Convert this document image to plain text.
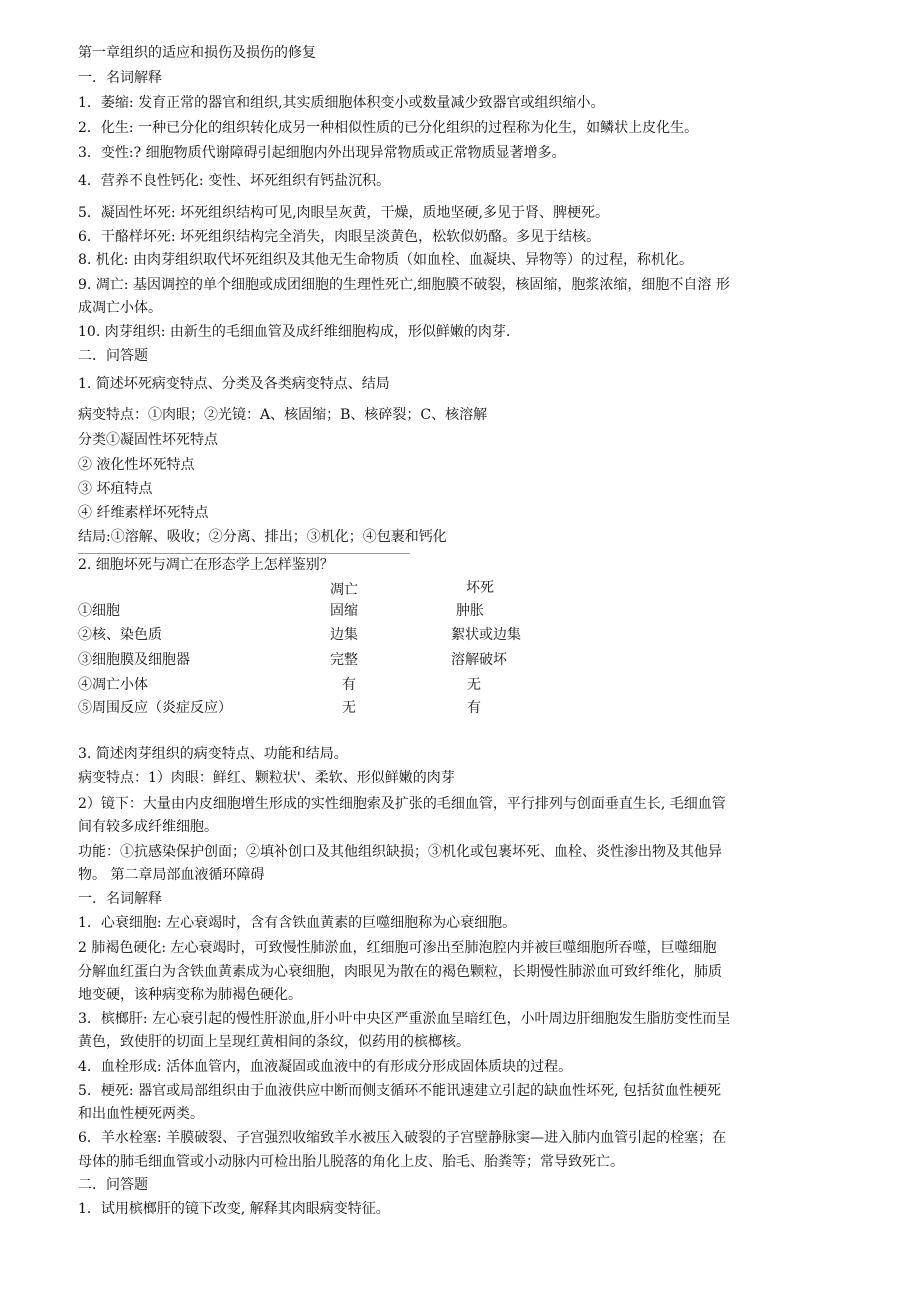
第一章组织的适应和损伤及损伤的修复
一．名词解释
1．萎缩: 发育正常的器官和组织,其实质细胞体积变小或数量减少致器官或组织缩小。
2．化生: 一种已分化的组织转化成另一种相似性质的已分化组织的过程称为化生，如鳞状上皮化生。
3．变性:? 细胞物质代谢障碍引起细胞内外出现异常物质或正常物质显著增多。
4．营养不良性钙化: 变性、坏死组织有钙盐沉积。
5．凝固性坏死: 坏死组织结构可见,肉眼呈灰黄，干燥，质地坚硬,多见于肾、脾梗死。
6．干酪样坏死: 坏死组织结构完全消失，肉眼呈淡黄色，松软似奶酪。多见于结核。
8. 机化: 由肉芽组织取代坏死组织及其他无生命物质（如血栓、血凝块、异物等）的过程，称机化。
9. 凋亡: 基因调控的单个细胞或成团细胞的生理性死亡,细胞膜不破裂，核固缩，胞浆浓缩，细胞不自溶 形
成凋亡小体。
10. 肉芽组织: 由新生的毛细血管及成纤维细胞构成，形似鲜嫩的肉芽.
二．问答题
1. 简述坏死病变特点、分类及各类病变特点、结局
病变特点：①肉眼；②光镜：A、核固缩；B、核碎裂；C、核溶解
分类①凝固性坏死特点
② 液化性坏死特点
③ 坏疽特点
④ 纤维素样坏死特点
结局:①溶解、吸收；②分离、排出；③机化；④包裹和钙化
2. 细胞坏死与凋亡在形态学上怎样鉴别？
凋亡	坏死
①细胞	固缩	肿胀
②核、染色质	边集	絮状或边集
③细胞膜及细胞器	完整	溶解破坏
④凋亡小体	有	无
⑤周围反应（炎症反应）	无	有
3. 简述肉芽组织的病变特点、功能和结局。
病变特点：1）肉眼：鲜红、颗粒状'、柔软、形似鲜嫩的肉芽
2）镜下：大量由内皮细胞增生形成的实性细胞索及扩张的毛细血管，平行排列与创面垂直生长, 毛细血管
间有较多成纤维细胞。
功能：①抗感染保护创面；②填补创口及其他组织缺损；③机化或包裹坏死、血栓、炎性渗出物及其他异
物。 第二章局部血液循环障碍
一．名词解释
1．心衰细胞: 左心衰竭时，含有含铁血黄素的巨噬细胞称为心衰细胞。
2 肺褐色硬化: 左心衰竭时，可致慢性肺淤血，红细胞可渗出至肺泡腔内并被巨噬细胞所吞噬，巨噬细胞
分解血红蛋白为含铁血黄素成为心衰细胞，肉眼见为散在的褐色颗粒，长期慢性肺淤血可致纤维化，肺质
地变硬，该种病变称为肺褐色硬化。
3．槟榔肝: 左心衰引起的慢性肝淤血,肝小叶中央区严重淤血呈暗红色，小叶周边肝细胞发生脂肪变性而呈
黄色，致使肝的切面上呈现红黄相间的条纹，似药用的槟榔核。
4．血栓形成: 活体血管内，血液凝固或血液中的有形成分形成固体质块的过程。
5．梗死: 器官或局部组织由于血液供应中断而侧支循环不能讯速建立引起的缺血性坏死, 包括贫血性梗死
和出血性梗死两类。
6．羊水栓塞: 羊膜破裂、子宫强烈收缩致羊水被压入破裂的子宫壁静脉窦—进入肺内血管引起的栓塞；在
母体的肺毛细血管或小动脉内可检出胎儿脱落的角化上皮、胎毛、胎粪等；常导致死亡。
二．问答题
1．试用槟榔肝的镜下改变, 解释其肉眼病变特征。
